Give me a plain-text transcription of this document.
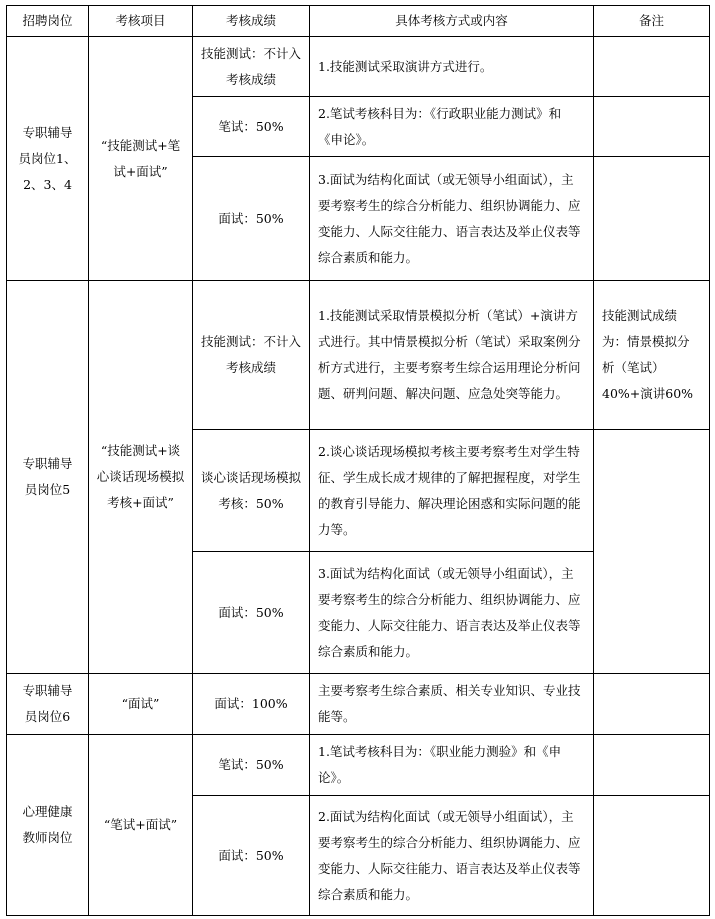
招聘岗位	考核项目	考核成绩	具体考核方式或内容	备注
专职辅导员岗位1、2、3、4	“技能测试+笔试+面试”	技能测试：不计入考核成绩	1.技能测试采取演讲方式进行。	
		笔试：50%	2.笔试考核科目为：《行政职业能力测试》和《申论》。	
		面试：50%	3.面试为结构化面试（或无领导小组面试），主要考察考生的综合分析能力、组织协调能力、应变能力、人际交往能力、语言表达及举止仪表等综合素质和能力。	
专职辅导员岗位5	“技能测试+谈心谈话现场模拟考核+面试”	技能测试：不计入考核成绩	1.技能测试采取情景模拟分析（笔试）+演讲方式进行。其中情景模拟分析（笔试）采取案例分析方式进行，主要考察考生综合运用理论分析问题、研判问题、解决问题、应急处突等能力。	技能测试成绩为：情景模拟分析（笔试）40%+演讲60%
		谈心谈话现场模拟考核：50%	2.谈心谈话现场模拟考核主要考察考生对学生特征、学生成长成才规律的了解把握程度，对学生的教育引导能力、解决理论困惑和实际问题的能力等。	
		面试：50%	3.面试为结构化面试（或无领导小组面试），主要考察考生的综合分析能力、组织协调能力、应变能力、人际交往能力、语言表达及举止仪表等综合素质和能力。	
专职辅导员岗位6	“面试”	面试：100%	主要考察考生综合素质、相关专业知识、专业技能等。	
心理健康教师岗位	“笔试+面试”	笔试：50%	1.笔试考核科目为：《职业能力测验》和《申论》。	
		面试：50%	2.面试为结构化面试（或无领导小组面试），主要考察考生的综合分析能力、组织协调能力、应变能力、人际交往能力、语言表达及举止仪表等综合素质和能力。	
